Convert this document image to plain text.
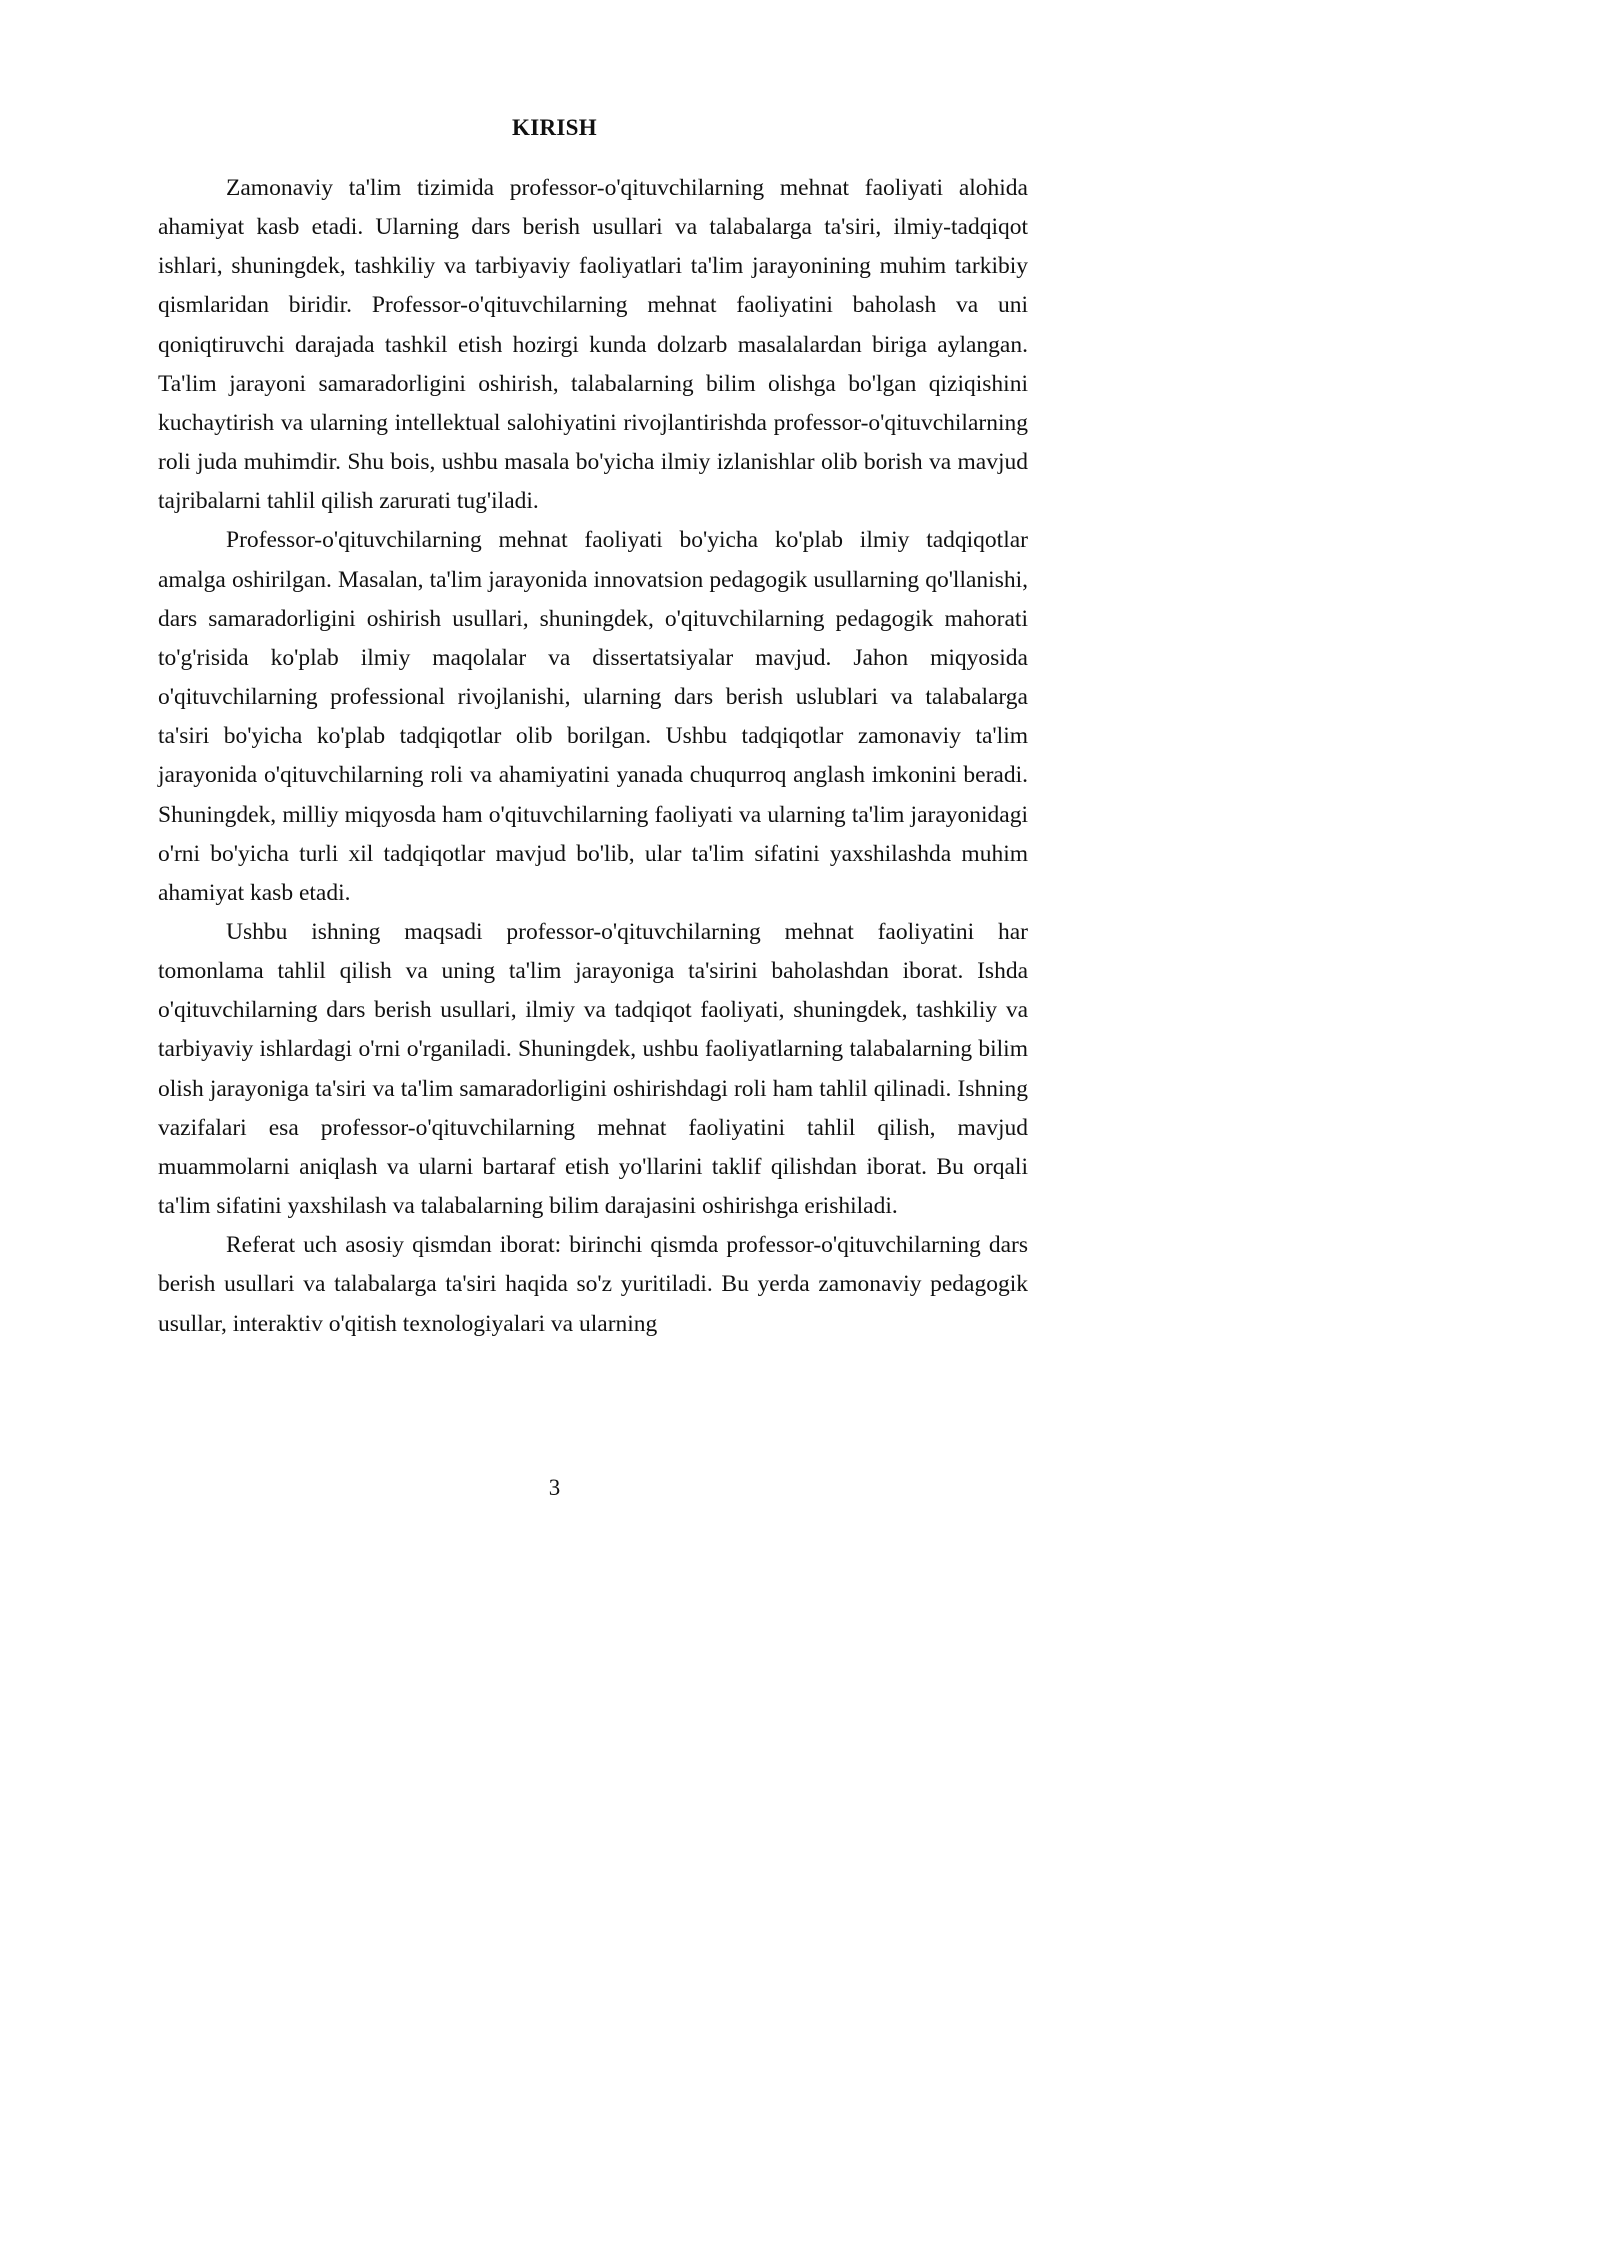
KIRISH

Zamonaviy ta'lim tizimida professor-o'qituvchilarning mehnat faoliyati alohida ahamiyat kasb etadi. Ularning dars berish usullari va talabalarga ta'siri, ilmiy-tadqiqot ishlari, shuningdek, tashkiliy va tarbiyaviy faoliyatlari ta'lim jarayonining muhim tarkibiy qismlaridan biridir. Professor-o'qituvchilarning mehnat faoliyatini baholash va uni qoniqtiruvchi darajada tashkil etish hozirgi kunda dolzarb masalalardan biriga aylangan. Ta'lim jarayoni samaradorligini oshirish, talabalarning bilim olishga bo'lgan qiziqishini kuchaytirish va ularning intellektual salohiyatini rivojlantirishda professor-o'qituvchilarning roli juda muhimdir. Shu bois, ushbu masala bo'yicha ilmiy izlanishlar olib borish va mavjud tajribalarni tahlil qilish zarurati tug'iladi.

Professor-o'qituvchilarning mehnat faoliyati bo'yicha ko'plab ilmiy tadqiqotlar amalga oshirilgan. Masalan, ta'lim jarayonida innovatsion pedagogik usullarning qo'llanishi, dars samaradorligini oshirish usullari, shuningdek, o'qituvchilarning pedagogik mahorati to'g'risida ko'plab ilmiy maqolalar va dissertatsiyalar mavjud. Jahon miqyosida o'qituvchilarning professional rivojlanishi, ularning dars berish uslublari va talabalarga ta'siri bo'yicha ko'plab tadqiqotlar olib borilgan. Ushbu tadqiqotlar zamonaviy ta'lim jarayonida o'qituvchilarning roli va ahamiyatini yanada chuqurroq anglash imkonini beradi. Shuningdek, milliy miqyosda ham o'qituvchilarning faoliyati va ularning ta'lim jarayonidagi o'rni bo'yicha turli xil tadqiqotlar mavjud bo'lib, ular ta'lim sifatini yaxshilashda muhim ahamiyat kasb etadi.

Ushbu ishning maqsadi professor-o'qituvchilarning mehnat faoliyatini har tomonlama tahlil qilish va uning ta'lim jarayoniga ta'sirini baholashdan iborat. Ishda o'qituvchilarning dars berish usullari, ilmiy va tadqiqot faoliyati, shuningdek, tashkiliy va tarbiyaviy ishlardagi o'rni o'rganiladi. Shuningdek, ushbu faoliyatlarning talabalarning bilim olish jarayoniga ta'siri va ta'lim samaradorligini oshirishdagi roli ham tahlil qilinadi. Ishning vazifalari esa professor-o'qituvchilarning mehnat faoliyatini tahlil qilish, mavjud muammolarni aniqlash va ularni bartaraf etish yo'llarini taklif qilishdan iborat. Bu orqali ta'lim sifatini yaxshilash va talabalarning bilim darajasini oshirishga erishiladi.

Referat uch asosiy qismdan iborat: birinchi qismda professor-o'qituvchilarning dars berish usullari va talabalarga ta'siri haqida so'z yuritiladi. Bu yerda zamonaviy pedagogik usullar, interaktiv o'qitish texnologiyalari va ularning

3
